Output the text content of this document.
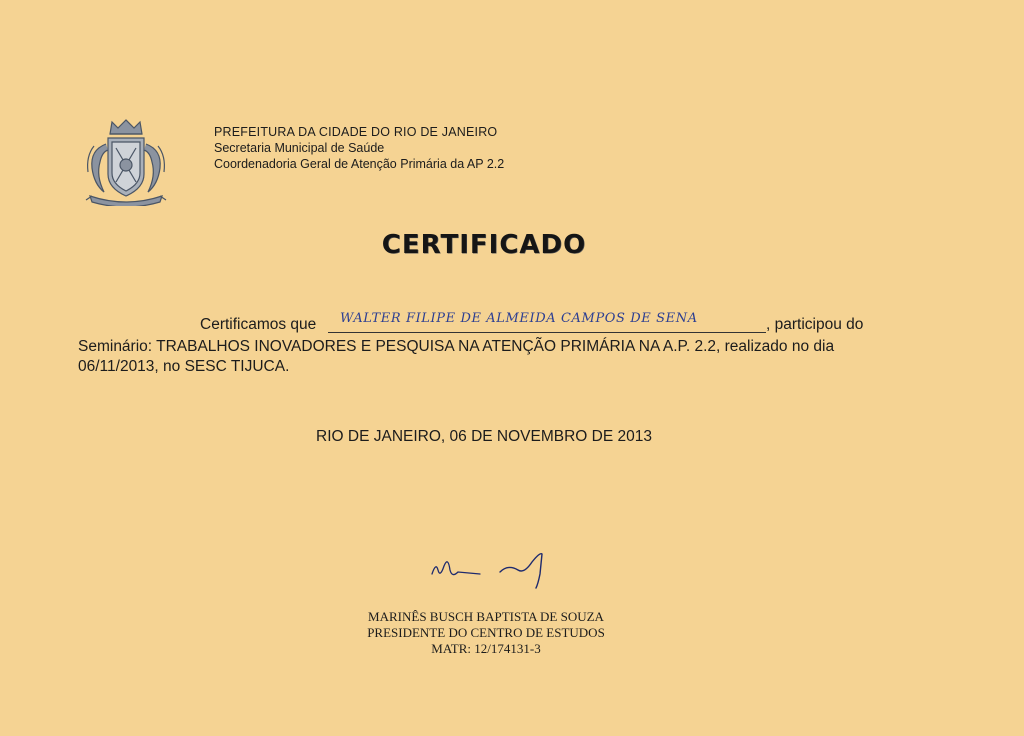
PREFEITURA DA CIDADE DO RIO DE JANEIRO
Secretaria Municipal de Saúde
Coordenadoria Geral de Atenção Primária da AP 2.2
CERTIFICADO
Certificamos que WALTER FILIPE DE ALMEIDA CAMPOS DE SENA	, participou do
Seminário: TRABALHOS INOVADORES E PESQUISA NA ATENÇÃO PRIMÁRIA NA A.P. 2.2, realizado no dia
06/11/2013, no SESC TIJUCA.
RIO DE JANEIRO, 06 DE NOVEMBRO DE 2013
MARINÊS BUSCH BAPTISTA DE SOUZA
PRESIDENTE DO CENTRO DE ESTUDOS
MATR: 12/174131-3
